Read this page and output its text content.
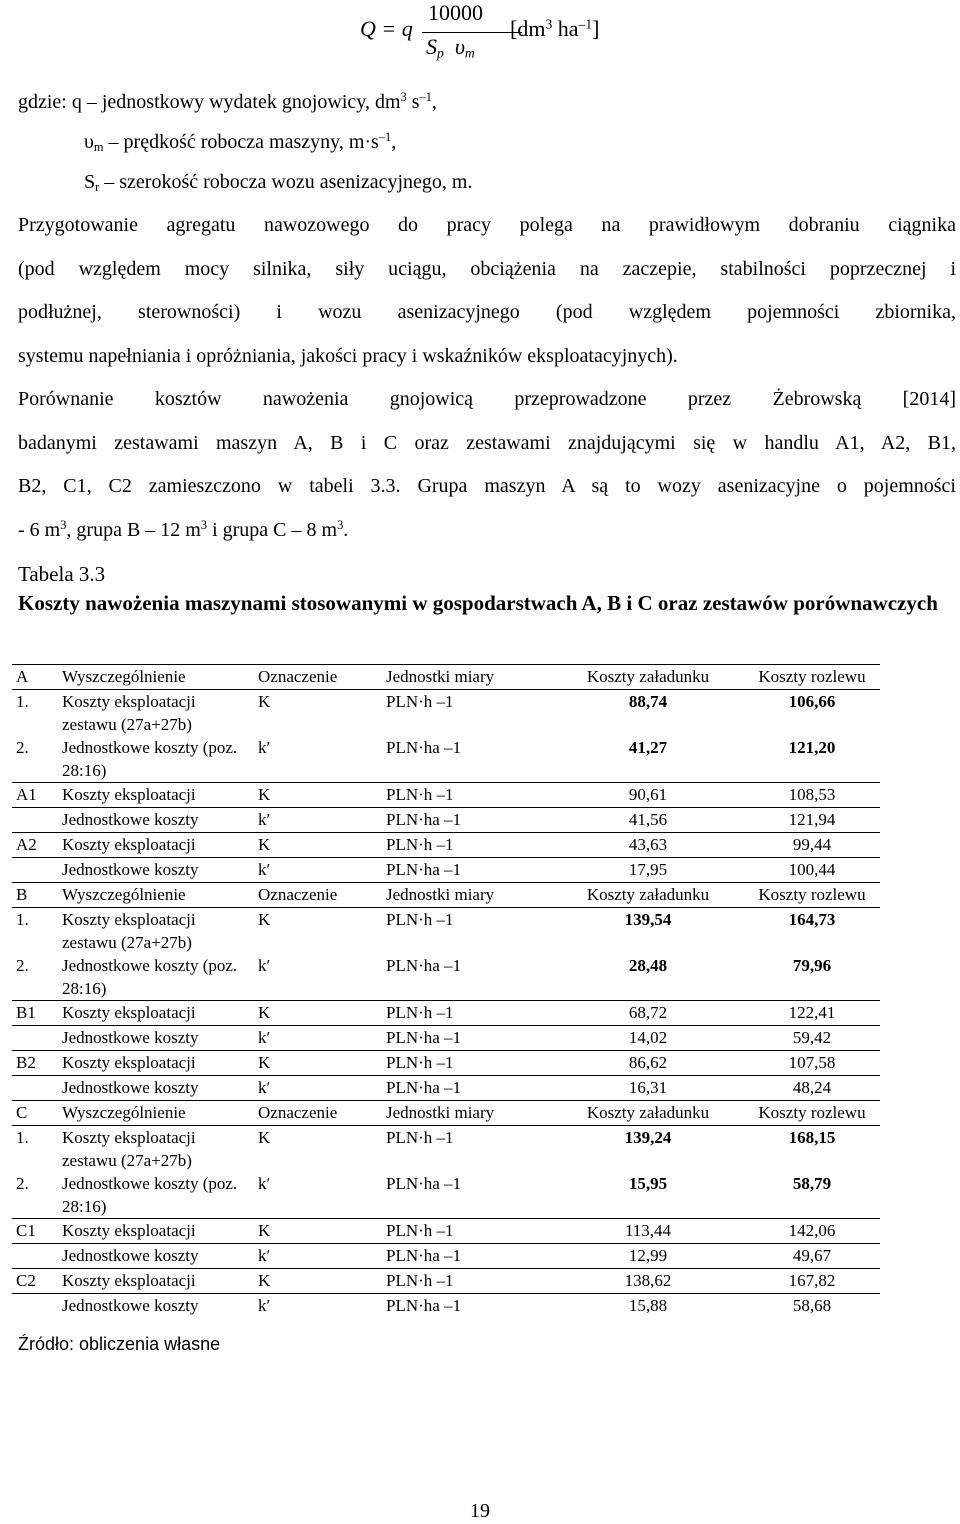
Q = q
10000
$S_p$ $\upsilon_m$
[$dm^3$ $ha^{-1}$]
gdzie: q – jednostkowy wydatek gnojowicy, $dm^3$ $s^{-1}$,
$\upsilon_m$ – prędkość robocza maszyny, $m\cdot s^{-1}$,
$S_r$ – szerokość robocza wozu asenizacyjnego, m.
Przygotowanie agregatu nawozowego do pracy polega na prawidłowym dobraniu ciągnika
(pod względem mocy silnika, siły uciągu, obciążenia na zaczepie, stabilności poprzecznej i
podłużnej, sterowności) i wozu asenizacyjnego (pod względem pojemności zbiornika,
systemu napełniania i opróżniania, jakości pracy i wskaźników eksploatacyjnych).
Porównanie kosztów nawożenia gnojowicą przeprowadzone przez Żebrowską [2014]
badanymi zestawami maszyn A, B i C oraz zestawami znajdującymi się w handlu A1, A2, B1,
B2, C1, C2 zamieszczono w tabeli 3.3. Grupa maszyn A są to wozy asenizacyjne o pojemności
- 6 $m^3$, grupa B – 12 $m^3$ i grupa C – 8 $m^3$.
Tabela 3.3
Koszty nawożenia maszynami stosowanymi w gospodarstwach A, B i C oraz zestawów porównawczych
A	Wyszczególnienie	Oznaczenie	Jednostki miary	Koszty załadunku	Koszty rozlewu
1.	Koszty eksploatacji zestawu (27a+27b)	K	PLN·h –1	88,74	106,66
2.	Jednostkowe koszty (poz. 28:16)	k′	PLN·ha –1	41,27	121,20
A1	Koszty eksploatacji	K	PLN·h –1	90,61	108,53
	Jednostkowe koszty	k′	PLN·ha –1	41,56	121,94
A2	Koszty eksploatacji	K	PLN·h –1	43,63	99,44
	Jednostkowe koszty	k′	PLN·ha –1	17,95	100,44
B	Wyszczególnienie	Oznaczenie	Jednostki miary	Koszty załadunku	Koszty rozlewu
1.	Koszty eksploatacji zestawu (27a+27b)	K	PLN·h –1	139,54	164,73
2.	Jednostkowe koszty (poz. 28:16)	k′	PLN·ha –1	28,48	79,96
B1	Koszty eksploatacji	K	PLN·h –1	68,72	122,41
	Jednostkowe koszty	k′	PLN·ha –1	14,02	59,42
B2	Koszty eksploatacji	K	PLN·h –1	86,62	107,58
	Jednostkowe koszty	k′	PLN·ha –1	16,31	48,24
C	Wyszczególnienie	Oznaczenie	Jednostki miary	Koszty załadunku	Koszty rozlewu
1.	Koszty eksploatacji zestawu (27a+27b)	K	PLN·h –1	139,24	168,15
2.	Jednostkowe koszty (poz. 28:16)	k′	PLN·ha –1	15,95	58,79
C1	Koszty eksploatacji	K	PLN·h –1	113,44	142,06
	Jednostkowe koszty	k′	PLN·ha –1	12,99	49,67
C2	Koszty eksploatacji	K	PLN·h –1	138,62	167,82
	Jednostkowe koszty	k′	PLN·ha –1	15,88	58,68
Źródło: obliczenia własne
19
